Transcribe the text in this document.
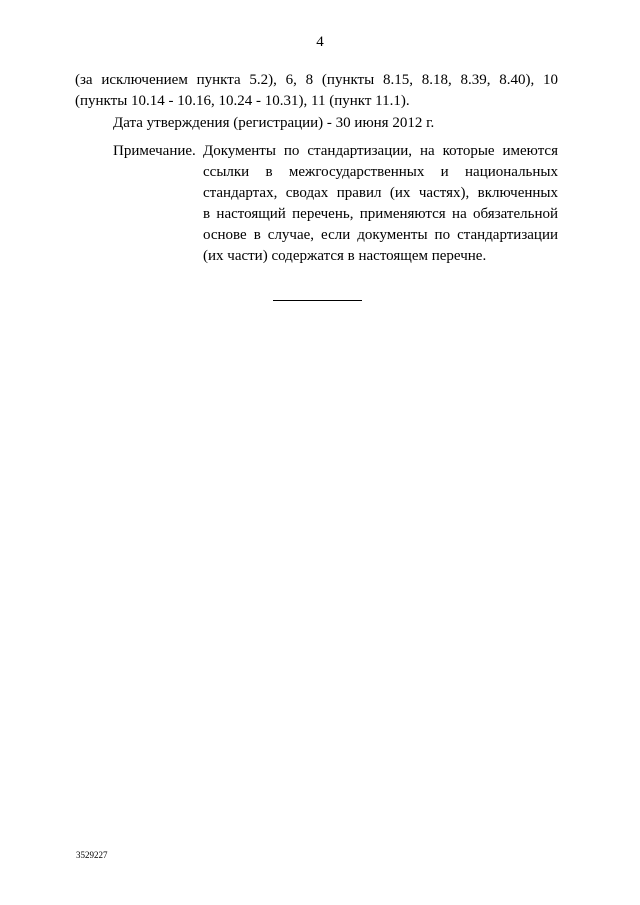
4
(за исключением пункта 5.2), 6, 8 (пункты 8.15, 8.18, 8.39, 8.40), 10
(пункты 10.14 - 10.16, 10.24 - 10.31), 11 (пункт 11.1).
Дата утверждения (регистрации) - 30 июня 2012 г.
Примечание. Документы по стандартизации, на которые имеются
ссылки в межгосударственных и национальных
стандартах, сводах правил (их частях), включенных
в настоящий перечень, применяются на обязательной
основе в случае, если документы по стандартизации
(их части) содержатся в настоящем перечне.
3529227
